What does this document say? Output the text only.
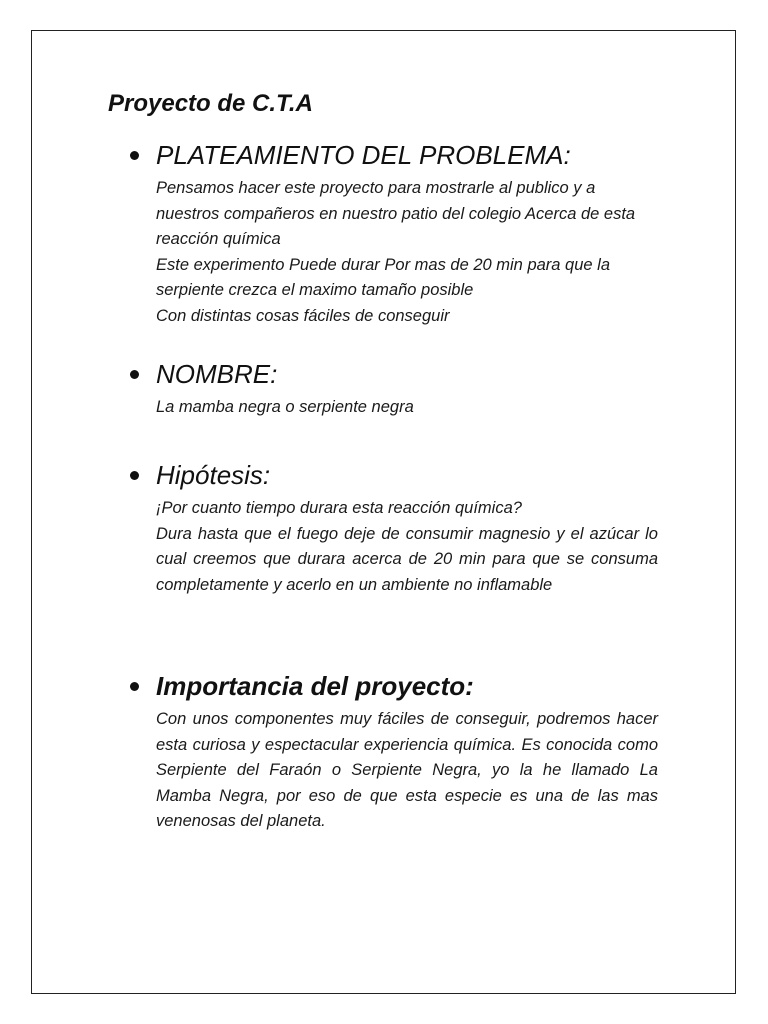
Proyecto de C.T.A
PLATEAMIENTO DEL PROBLEMA:

Pensamos hacer este proyecto para mostrarle al publico y a nuestros compañeros en nuestro patio del colegio Acerca de esta reacción química

Este experimento Puede durar Por mas de 20 min para que la serpiente crezca el maximo tamaño posible

Con distintas cosas fáciles de conseguir

NOMBRE:

La mamba negra o serpiente negra

Hipótesis:

¡Por cuanto tiempo durara esta reacción química?

Dura hasta que el fuego deje de consumir magnesio y el azúcar lo cual creemos que durara acerca de 20 min para que se consuma completamente y acerlo en un ambiente no inflamable

Importancia del proyecto:

Con unos componentes muy fáciles de conseguir, podremos hacer esta curiosa y espectacular experiencia química. Es conocida como Serpiente del Faraón o Serpiente Negra, yo la he llamado La Mamba Negra, por eso de que esta especie es una de las mas venenosas del planeta.
